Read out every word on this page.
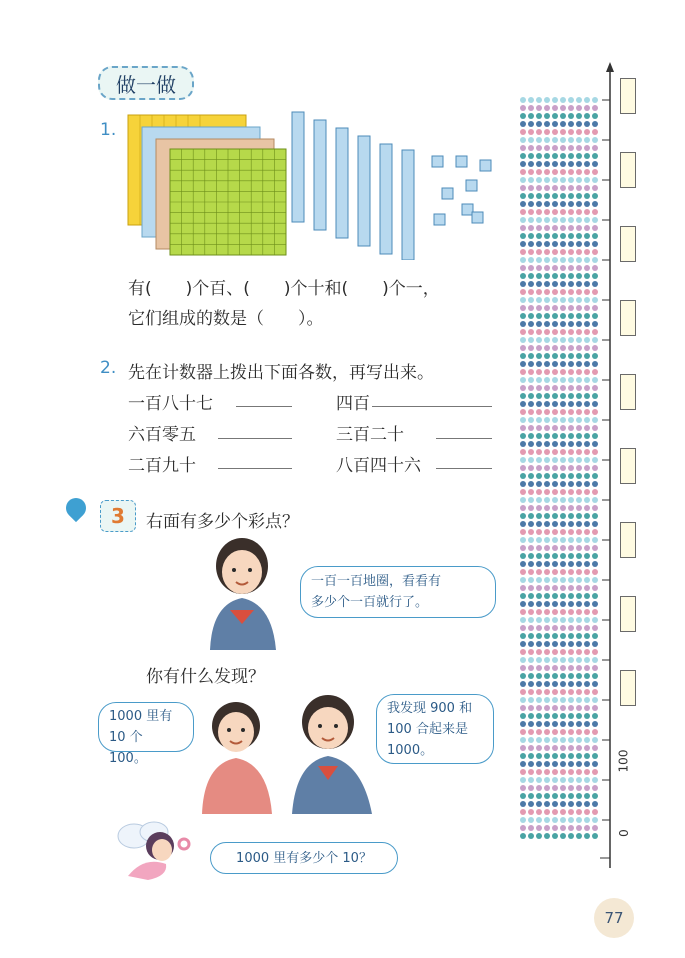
做一做
1.
有(　　)个百、(　　)个十和(　　)个一，
它们组成的数是（　　）。
2. 先在计数器上拨出下面各数，再写出来。
一百八十七	四百
六百零五	三百二十
二百九十	八百四十六
3	右面有多少个彩点？
一百一百地圈，看看有
多少个一百就行了。
你有什么发现？
1000 里有
10 个 100。
我发现 900 和
100 合起来是
1000。
1000 里有多少个 10？
100
0
77
